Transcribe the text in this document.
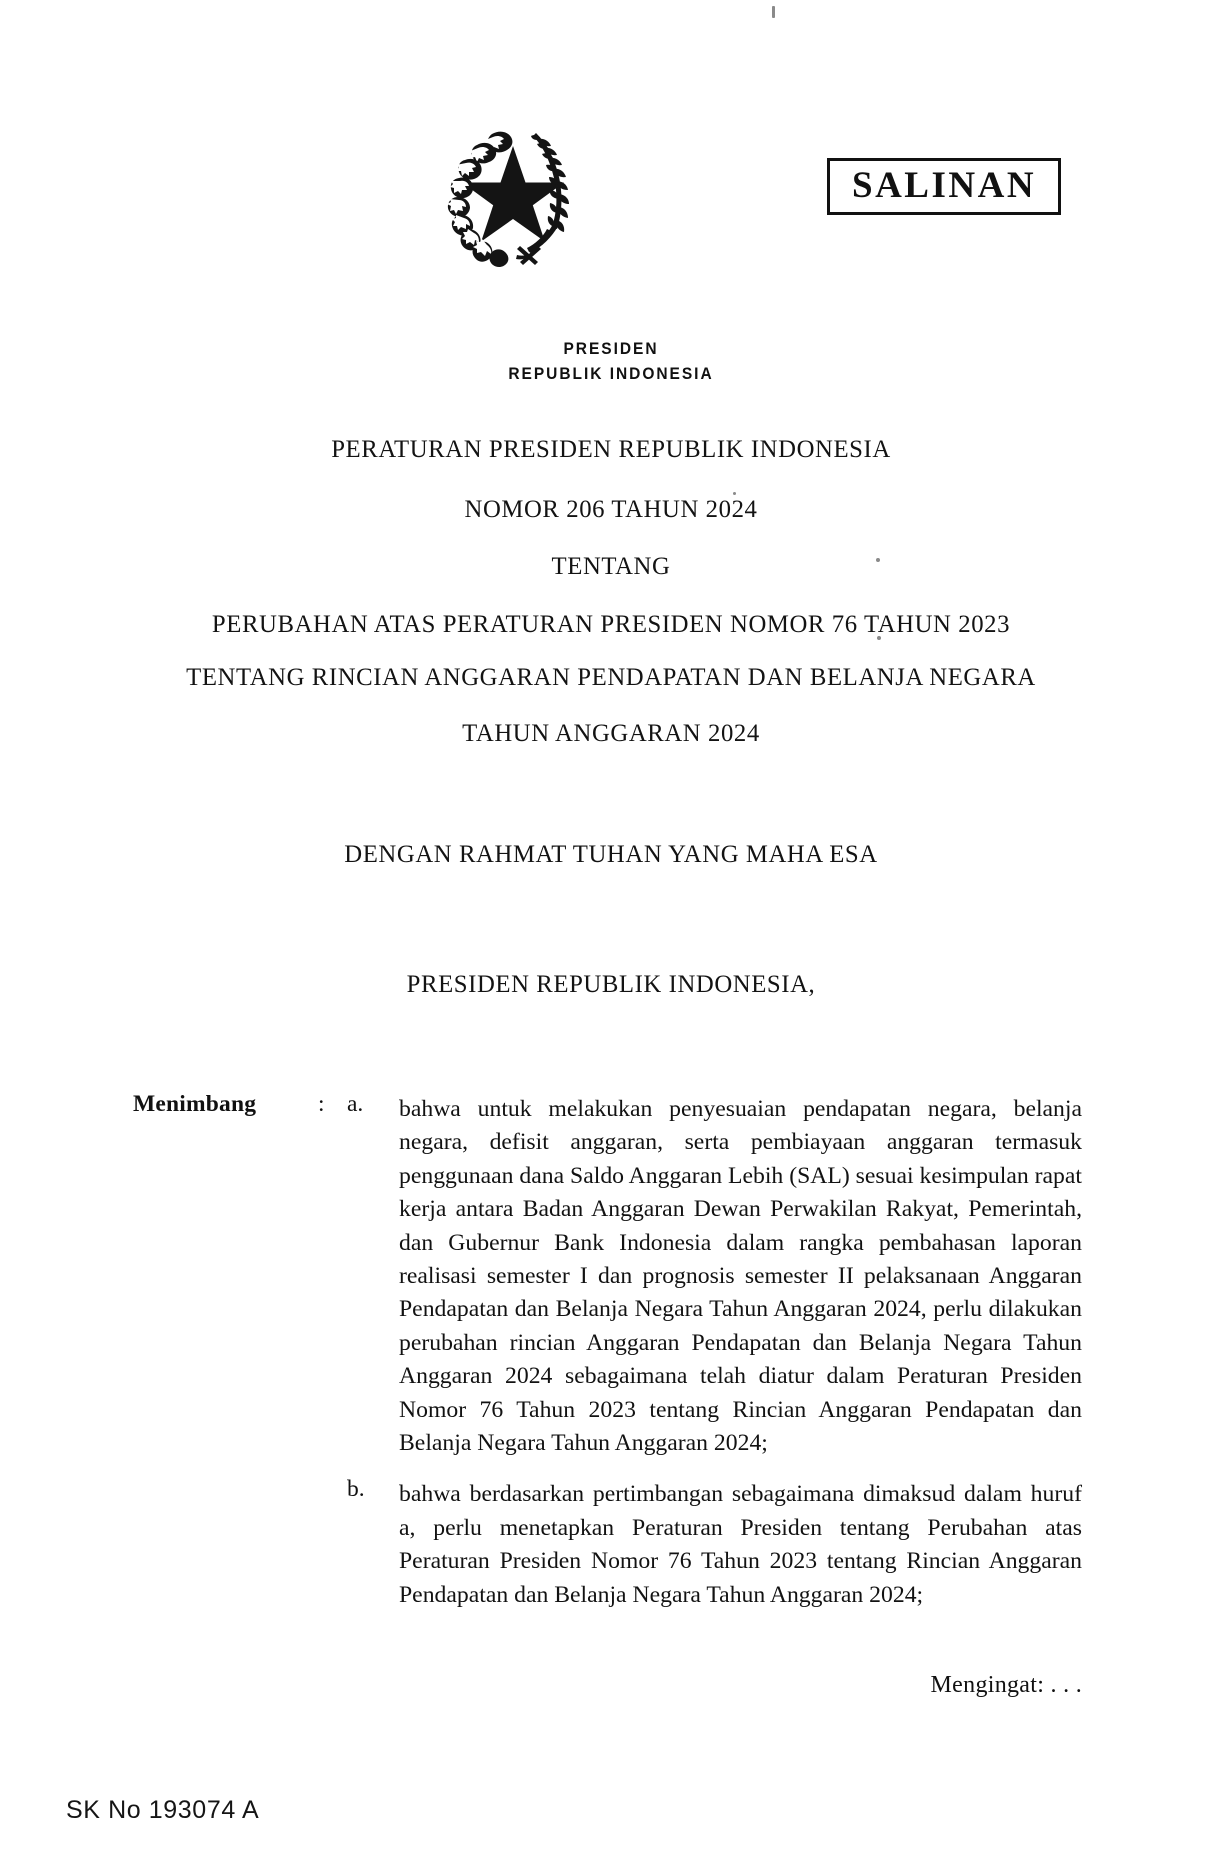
SALINAN
PRESIDEN
REPUBLIK INDONESIA
PERATURAN PRESIDEN REPUBLIK INDONESIA
NOMOR 206 TAHUN 2024
TENTANG
PERUBAHAN ATAS PERATURAN PRESIDEN NOMOR 76 TAHUN 2023
TENTANG RINCIAN ANGGARAN PENDAPATAN DAN BELANJA NEGARA
TAHUN ANGGARAN 2024
DENGAN RAHMAT TUHAN YANG MAHA ESA
PRESIDEN REPUBLIK INDONESIA,
Menimbang	: a. bahwa untuk melakukan penyesuaian pendapatan negara, belanja negara, defisit anggaran, serta pembiayaan anggaran termasuk penggunaan dana Saldo Anggaran Lebih (SAL) sesuai kesimpulan rapat kerja antara Badan Anggaran Dewan Perwakilan Rakyat, Pemerintah, dan Gubernur Bank Indonesia dalam rangka pembahasan laporan realisasi semester I dan prognosis semester II pelaksanaan Anggaran Pendapatan dan Belanja Negara Tahun Anggaran 2024, perlu dilakukan perubahan rincian Anggaran Pendapatan dan Belanja Negara Tahun Anggaran 2024 sebagaimana telah diatur dalam Peraturan Presiden Nomor 76 Tahun 2023 tentang Rincian Anggaran Pendapatan dan Belanja Negara Tahun Anggaran 2024;
b. bahwa berdasarkan pertimbangan sebagaimana dimaksud dalam huruf a, perlu menetapkan Peraturan Presiden tentang Perubahan atas Peraturan Presiden Nomor 76 Tahun 2023 tentang Rincian Anggaran Pendapatan dan Belanja Negara Tahun Anggaran 2024;
Mengingat: . . .
SK No 193074 A
